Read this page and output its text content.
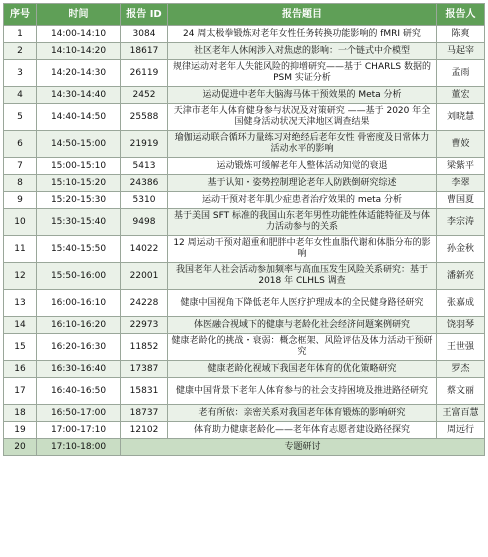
序号	时间	报告 ID	报告题目	报告人
1	14:00-14:10	3084	24 周太极拳锻炼对老年女性任务转换功能影响的 fMRI 研究	陈爽
2	14:10-14:20	18617	社区老年人休闲涉入对焦虑的影响：一个链式中介模型	马起宰
3	14:20-14:30	26119	规律运动对老年人失能风险的抑增研究——基于 CHARLS 数据的 PSM 实证分析	孟雨
4	14:30-14:40	2452	运动促进中老年大脑海马体干预效果的 Meta 分析	董宏
5	14:40-14:50	25588	天津市老年人体育健身参与状况及对策研究 ——基于 2020 年全国健身活动状况天津地区调查结果	刘晓慧
6	14:50-15:00	21919	瑜伽运动联合循环力量练习对绝经后老年女性 骨密度及日常体力活动水平的影响	曹姣
7	15:00-15:10	5413	运动锻炼可缓解老年人整体活动知觉的衰退	梁紫平
8	15:10-15:20	24386	基于认知・姿势控制理论老年人防跌倒研究综述	李翠
9	15:20-15:30	5310	运动干预对老年肌少症患者治疗效果的 meta 分析	曹国夏
10	15:30-15:40	9498	基于美国 SFT 标准的我国山东老年男性功能性体适能特征及与体力活动参与的关系	李宗涛
11	15:40-15:50	14022	12 周运动干预对超重和肥胖中老年女性血脂代谢和体脂分布的影响	孙金秋
12	15:50-16:00	22001	我国老年人社会活动参加频率与高血压发生风险关系研究：基于 2018 年 CLHLS 调查	潘新亮
13	16:00-16:10	24228	健康中国视角下降低老年人医疗护理成本的全民健身路径研究	张嘉成
14	16:10-16:20	22973	体医融合视域下的健康与老龄化社会经济问题案例研究	饶羽琴
15	16:20-16:30	11852	健康老龄化的挑战・衰弱：概念框架、风险评估及体力活动干预研究	王世强
16	16:30-16:40	17387	健康老龄化视域下我国老年体育的优化策略研究	罗杰
17	16:40-16:50	15831	健康中国背景下老年人体育参与的社会支持困境及推进路径研究	蔡文丽
18	16:50-17:00	18737	老有所依：亲密关系对我国老年体育锻炼的影响研究	王富百慧
19	17:00-17:10	12102	体育助力健康老龄化——老年体育志愿者建设路径探究	周远行
20	17:10-18:00	专题研讨		
